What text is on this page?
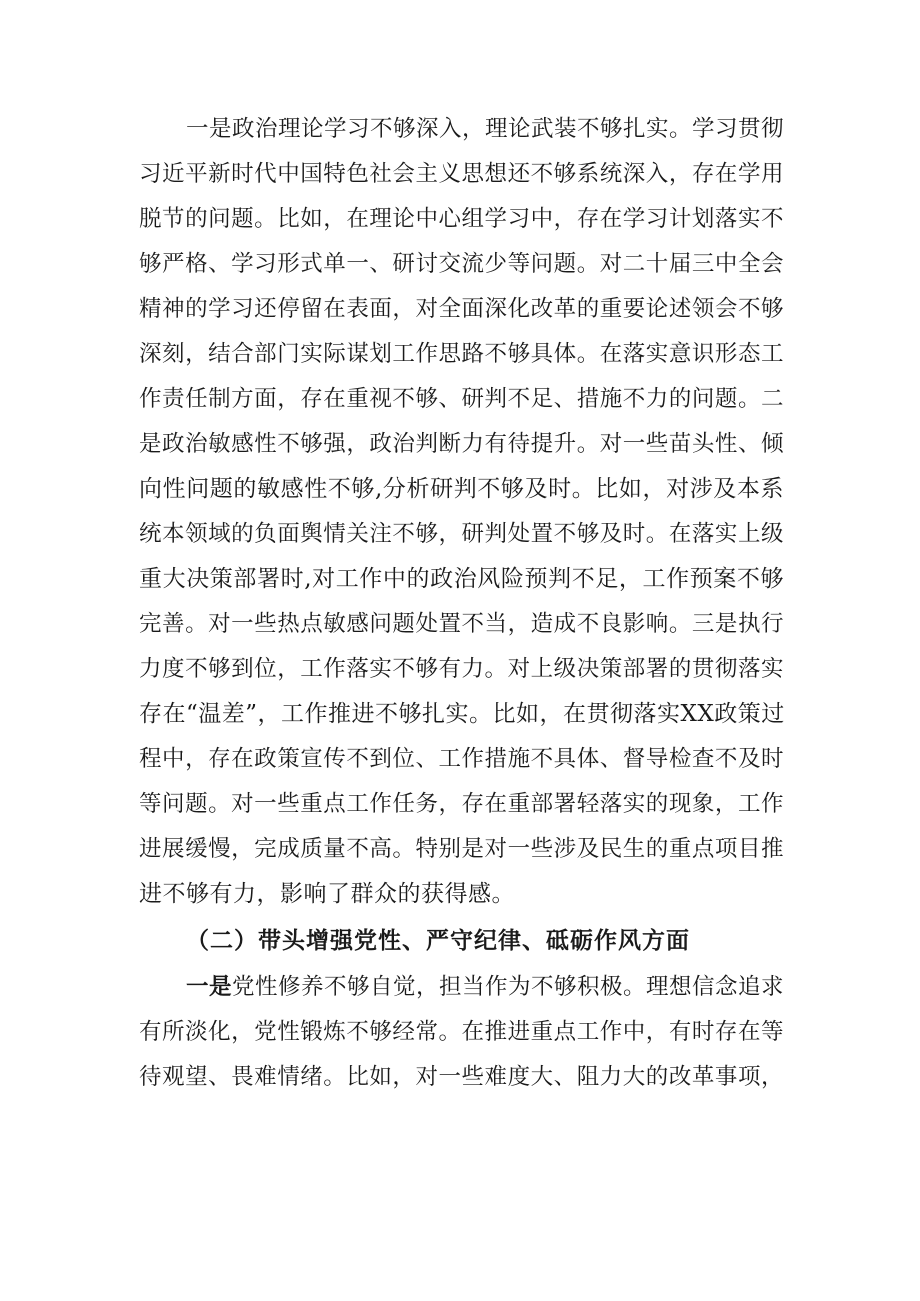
一是政治理论学习不够深入，理论武装不够扎实。学习贯彻
习近平新时代中国特色社会主义思想还不够系统深入，存在学用
脱节的问题。比如，在理论中心组学习中，存在学习计划落实不
够严格、学习形式单一、研讨交流少等问题。对二十届三中全会
精神的学习还停留在表面，对全面深化改革的重要论述领会不够
深刻，结合部门实际谋划工作思路不够具体。在落实意识形态工
作责任制方面，存在重视不够、研判不足、措施不力的问题。二
是政治敏感性不够强，政治判断力有待提升。对一些苗头性、倾
向性问题的敏感性不够,分析研判不够及时。比如，对涉及本系
统本领域的负面舆情关注不够，研判处置不够及时。在落实上级
重大决策部署时,对工作中的政治风险预判不足，工作预案不够
完善。对一些热点敏感问题处置不当，造成不良影响。三是执行
力度不够到位，工作落实不够有力。对上级决策部署的贯彻落实
存在“温差”，工作推进不够扎实。比如，在贯彻落实XX政策过
程中，存在政策宣传不到位、工作措施不具体、督导检查不及时
等问题。对一些重点工作任务，存在重部署轻落实的现象，工作
进展缓慢，完成质量不高。特别是对一些涉及民生的重点项目推
进不够有力，影响了群众的获得感。
（二）带头增强党性、严守纪律、砥砺作风方面
一是党性修养不够自觉，担当作为不够积极。理想信念追求
有所淡化，党性锻炼不够经常。在推进重点工作中，有时存在等
待观望、畏难情绪。比如，对一些难度大、阻力大的改革事项，
